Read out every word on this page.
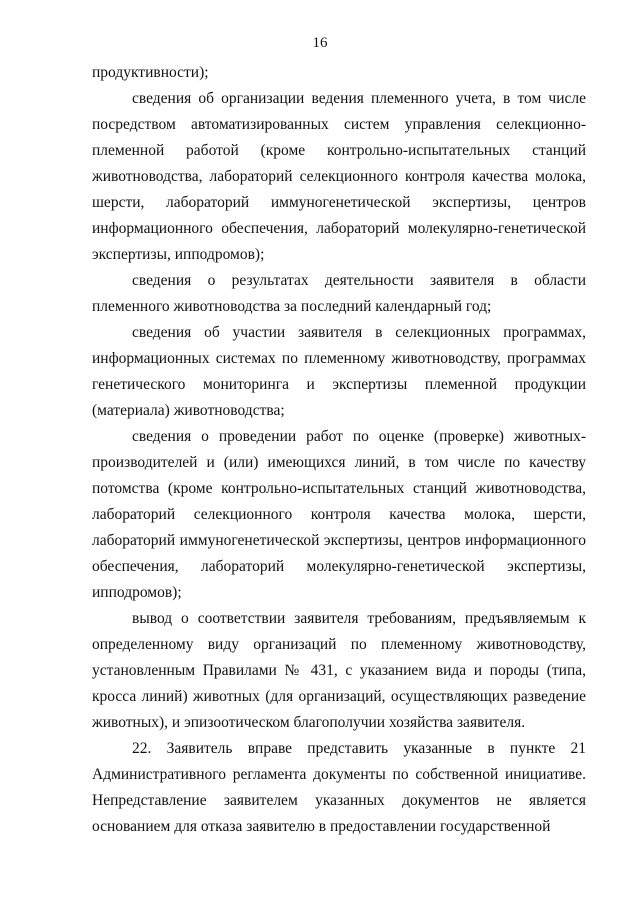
16

продуктивности);

сведения об организации ведения племенного учета, в том числе посредством автоматизированных систем управления селекционно-племенной работой (кроме контрольно-испытательных станций животноводства, лабораторий селекционного контроля качества молока, шерсти, лабораторий иммуногенетической экспертизы, центров информационного обеспечения, лабораторий молекулярно-генетической экспертизы, ипподромов);

сведения о результатах деятельности заявителя в области племенного животноводства за последний календарный год;

сведения об участии заявителя в селекционных программах, информационных системах по племенному животноводству, программах генетического мониторинга и экспертизы племенной продукции (материала) животноводства;

сведения о проведении работ по оценке (проверке) животных-производителей и (или) имеющихся линий, в том числе по качеству потомства (кроме контрольно-испытательных станций животноводства, лабораторий селекционного контроля качества молока, шерсти, лабораторий иммуногенетической экспертизы, центров информационного обеспечения, лабораторий молекулярно-генетической экспертизы, ипподромов);

вывод о соответствии заявителя требованиям, предъявляемым к определенному виду организаций по племенному животноводству, установленным Правилами № 431, с указанием вида и породы (типа, кросса линий) животных (для организаций, осуществляющих разведение животных), и эпизоотическом благополучии хозяйства заявителя.

22. Заявитель вправе представить указанные в пункте 21 Административного регламента документы по собственной инициативе. Непредставление заявителем указанных документов не является основанием для отказа заявителю в предоставлении государственной
